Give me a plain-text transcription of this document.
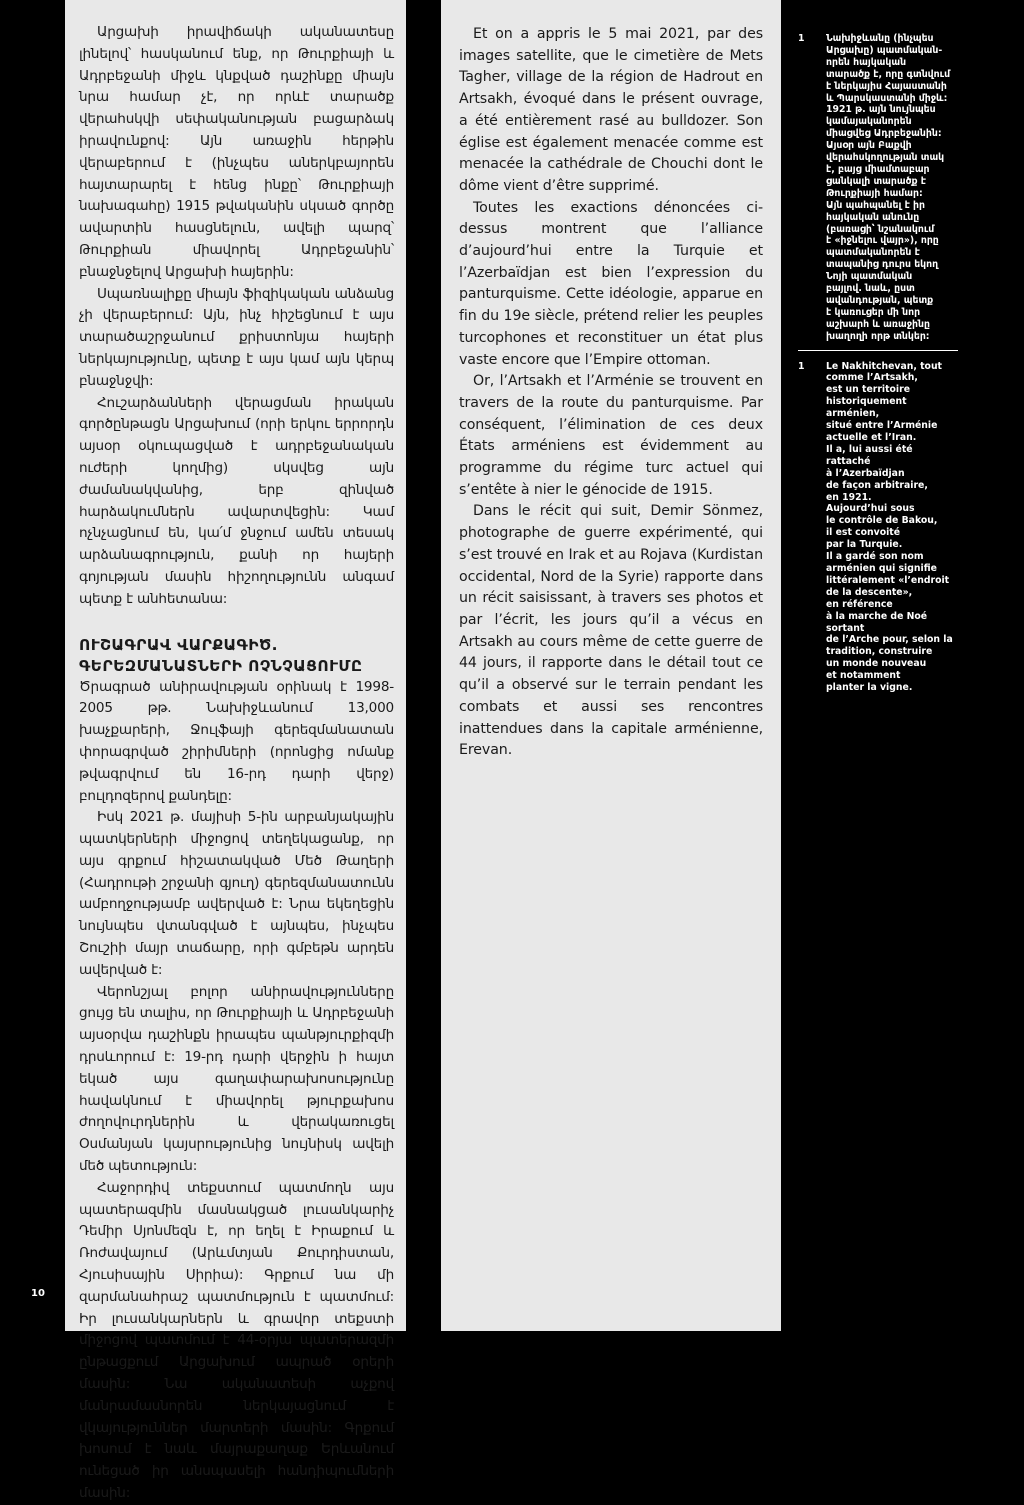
Արցախի իրավիճակի ականատեսը լինելով՝ հասկանում ենք, որ Թուրքիայի և Ադրբեջանի միջև կնքված դաշինքը միայն նրա համար չէ, որ որևէ տարածք վերահսկվի սեփականության բացարձակ իրավունքով: Այն առաջին հերթին վերաբերում է (ինչպես աներկբայորեն հայտարարել է հենց ինքը՝ Թուրքիայի նախագահը) 1915 թվականին սկսած գործը ավարտին հասցնելուն, ավելի պարզ՝ Թուրքիան միավորել Ադրբեջանին՝ բնաջնջելով Արցախի հայերին:

Սպառնալիքը միայն ֆիզիկական անձանց չի վերաբերում: Այն, ինչ հիշեցնում է այս տարածաշրջանում քրիստոնյա հայերի ներկայությունը, պետք է այս կամ այն կերպ բնաջնջվի:

Հուշարձանների վերացման իրական գործընթացն Արցախում (որի երկու երրորդն այսօր օկուպացված է ադրբեջանական ուժերի կողմից) սկսվեց այն ժամանակվանից, երբ զինված հարձակումներն ավարտվեցին: Կամ ոչնչացնում են, կա՛մ ջնջում ամեն տեսակ արձանագրություն, քանի որ հայերի գոյության մասին հիշողությունն անգամ պետք է անհետանա:

ՈՒՇԱԳՐԱՎ ՎԱՐՔԱԳԻԾ. ԳԵՐԵԶՄԱՆԱՏՆԵՐԻ ՈՉՆՉԱՑՈՒՄԸ

Ծրագրած անիրավության օրինակ է 1998-2005 թթ. Նախիջևանում 13,000 խաչքարերի, Ջուլֆայի գերեզմանատան փորագրված շիրիմների (որոնցից ոմանք թվագրվում են 16-րդ դարի վերջ) բուլդոզերով քանդելը:

Իսկ 2021 թ. մայիսի 5-ին արբանյակային պատկերների միջոցով տեղեկացանք, որ այս գրքում հիշատակված Մեծ Թաղերի (Հադրութի շրջանի գյուղ) գերեզմանատունն ամբողջությամբ ավերված է: Նրա եկեղեցին նույնպես վտանգված է այնպես, ինչպես Շուշիի մայր տաճարը, որի գմբեթն արդեն ավերված է:

Վերոնշյալ բոլոր անիրավությունները ցույց են տալիս, որ Թուրքիայի և Ադրբեջանի այսօրվա դաշինքն իրապես պանթյուրքիզմի դրսևորում է: 19-րդ դարի վերջին ի հայտ եկած այս գաղափարախոսությունը հավակնում է միավորել թյուրքախոս ժողովուրդներին և վերակառուցել Օսմանյան կայսրությունից նույնիսկ ավելի մեծ պետություն:

Հաջորդիվ տեքստում պատմողն այս պատերազմին մասնակցած լուսանկարիչ Դեմիր Սյոնմեզն է, որ եղել է Իրաքում և Ռոժավայում (Արևմտյան Քուրդիստան, Հյուսիսային Սիրիա): Գրքում նա մի զարմանահրաշ պատմություն է պատմում: Իր լուսանկարներն և գրավոր տեքստի միջոցով պատմում է 44-օրյա պատերազմի ընթացքում Արցախում ապրած օրերի մասին: Նա ականատեսի աչքով մանրամասնորեն ներկայացնում է վկայություններ մարտերի մասին: Գրքում խոսում է նաև մայրաքաղաք Երևանում ունեցած իր անսպասելի հանդիպումների մասին:

Et on a appris le 5 mai 2021, par des images satellite, que le cimetière de Mets Tagher, village de la région de Hadrout en Artsakh, évoqué dans le présent ouvrage, a été entièrement rasé au bulldozer. Son église est également menacée comme est menacée la cathédrale de Chouchi dont le dôme vient d’être supprimé.

Toutes les exactions dénoncées ci-dessus montrent que l’alliance d’aujourd’hui entre la Turquie et l’Azerbaïdjan est bien l’expression du panturquisme. Cette idéologie, apparue en fin du 19e siècle, prétend relier les peuples turcophones et reconstituer un état plus vaste encore que l’Empire ottoman.

Or, l’Artsakh et l’Arménie se trouvent en travers de la route du panturquisme. Par conséquent, l’élimination de ces deux États arméniens est évidemment au programme du régime turc actuel qui s’entête à nier le génocide de 1915.

Dans le récit qui suit, Demir Sönmez, photographe de guerre expérimenté, qui s’est trouvé en Irak et au Rojava (Kurdistan occidental, Nord de la Syrie) rapporte dans un récit saisissant, à travers ses photos et par l’écrit, les jours qu’il a vécus en Artsakh au cours même de cette guerre de 44 jours, il rapporte dans le détail tout ce qu’il a observé sur le terrain pendant les combats et aussi ses rencontres inattendues dans la capitale arménienne, Erevan.

1	Նախիջևանը (ինչպես
Արցախը) պատմական-
որեն հայկական
տարածք է, որը գտնվում
է ներկայիս Հայաստանի
և Պարսկաստանի միջև:
1921 թ. այն նույնպես
կամայականորեն
միացվեց Ադրբեջանին:
Այսօր այն Բաքվի
վերահսկողության տակ
է, բայց միամտաբար
ցանկալի տարածք է
Թուրքիայի համար:
Այն պահպանել է իր
հայկական անունը
(բառացի՝ նշանակում
է «իջնելու վայր»), որը
պատմականորեն է
տապանից դուրս եկող
Նոյի պատմական
բայլով. նաև, ըստ
ավանդության, պետք
է կառուցեր մի նոր
աշխարհ և առաջինը
խաղողի որթ տնկեր:
1	Le Nakhitchevan, tout
comme l’Artsakh,
est un territoire
historiquement arménien,
situé entre l’Arménie
actuelle et l’Iran.
Il a, lui aussi été rattaché
à l’Azerbaïdjan
de façon arbitraire,
en 1921.
Aujourd’hui sous
le contrôle de Bakou,
il est convoité
par la Turquie.
Il a gardé son nom
arménien qui signifie
littéralement «l’endroit
de la descente»,
en référence
à la marche de Noé sortant
de l’Arche pour, selon la
tradition, construire
un monde nouveau
et notamment
planter la vigne.
10
